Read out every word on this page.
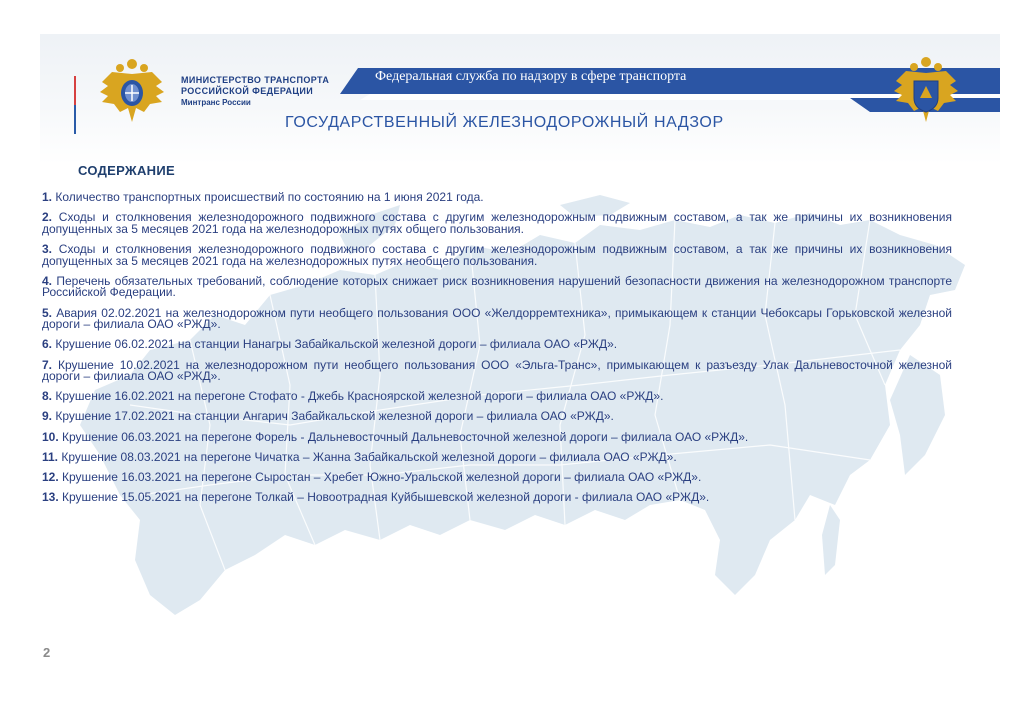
МИНИСТЕРСТВО ТРАНСПОРТА
РОССИЙСКОЙ ФЕДЕРАЦИИ
Минтранс России
Федеральная служба по надзору в сфере транспорта
ГОСУДАРСТВЕННЫЙ ЖЕЛЕЗНОДОРОЖНЫЙ НАДЗОР
СОДЕРЖАНИЕ
1. Количество транспортных происшествий по состоянию на 1 июня 2021 года.
2. Сходы и столкновения железнодорожного подвижного состава с другим железнодорожным подвижным составом, а так же причины их возникновения допущенных за 5 месяцев 2021 года на железнодорожных путях общего пользования.
3. Сходы и столкновения железнодорожного подвижного состава с другим железнодорожным подвижным составом, а так же причины их возникновения допущенных за 5 месяцев 2021 года на железнодорожных путях необщего пользования.
4. Перечень обязательных требований, соблюдение которых снижает риск возникновения нарушений безопасности движения на железнодорожном транспорте Российской Федерации.
5. Авария 02.02.2021 на железнодорожном пути необщего пользования ООО «Желдорремтехника», примыкающем к станции Чебоксары Горьковской железной дороги – филиала ОАО «РЖД».
6. Крушение 06.02.2021 на станции Нанагры Забайкальской железной дороги – филиала ОАО «РЖД».
7. Крушение 10.02.2021 на железнодорожном пути необщего пользования ООО «Эльга-Транс», примыкающем к разъезду Улак Дальневосточной железной дороги – филиала ОАО «РЖД».
8. Крушение 16.02.2021 на перегоне Стофато - Джебь Красноярской железной дороги – филиала ОАО «РЖД».
9. Крушение 17.02.2021 на станции Ангарич Забайкальской железной дороги – филиала ОАО «РЖД».
10. Крушение 06.03.2021 на перегоне Форель - Дальневосточный Дальневосточной железной дороги – филиала ОАО «РЖД».
11. Крушение 08.03.2021 на перегоне Чичатка – Жанна Забайкальской железной дороги – филиала ОАО «РЖД».
12. Крушение 16.03.2021 на перегоне Сыростан – Хребет Южно-Уральской железной дороги – филиала ОАО «РЖД».
13. Крушение 15.05.2021 на перегоне Толкай – Новоотрадная Куйбышевской железной дороги - филиала ОАО «РЖД».
2
